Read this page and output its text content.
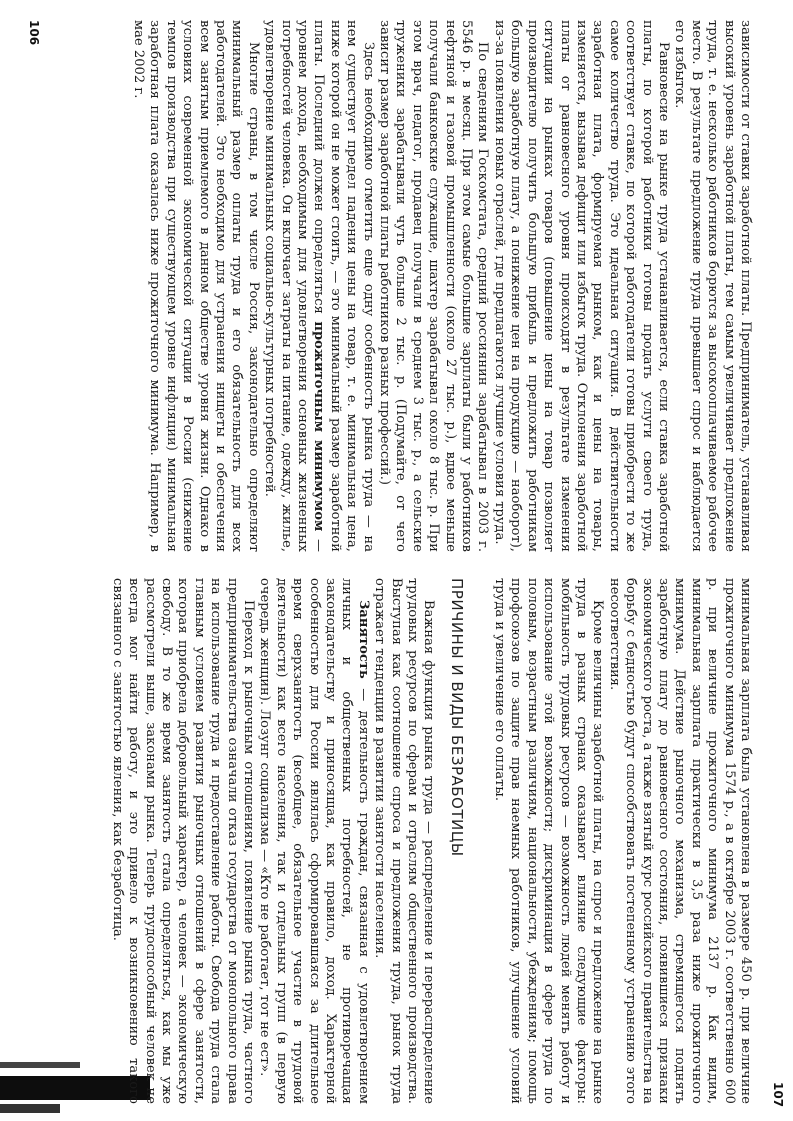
зависимости от ставки заработной платы. Предприниматель, устанавливая высокий уровень заработной платы, тем самым увеличивает предложение труда, т. е. несколько работников борются за высокооплачиваемое рабочее место. В результате предложение труда превышает спрос и наблюдается его избыток.

Равновесие на рынке труда устанавливается, если ставка заработной платы, по которой работники готовы продать услуги своего труда, соответствует ставке, по которой работодатели готовы приобрести то же самое количество труда. Это идеальная ситуация. В действительности заработная плата, формируемая рынком, как и цены на товары, изменяется, вызывая дефицит или избыток труда. Отклонения заработной платы от равновесного уровня происходят в результате изменения ситуации на рынках товаров (повышение цены на товар позволяет производителю получить большую прибыль и предложить работникам большую заработную плату, а понижение цен на продукцию — наоборот), из-за появления новых отраслей, где предлагаются лучшие условия труда.

По сведениям Госкомстата, средний россиянин зарабатывал в 2003 г. 5546 р. в месяц. При этом самые большие зарплаты были у работников нефтяной и газовой промышленности (около 27 тыс. р.), вдвое меньше получали банковские служащие, шахтер зарабатывал около 8 тыс. р. При этом врач, педагог, продавец получали в среднем 3 тыс. р., а сельские труженики зарабатывали чуть больше 2 тыс. р. (Подумайте, от чего зависит размер заработной платы работников разных профессий.)

Здесь необходимо отметить еще одну особенность рынка труда — на нем существует предел падения цены на товар, т. е. минимальная цена, ниже которой он не может стоить, — это минимальный размер заработной платы. Последний должен определяться прожиточным минимумом — уровнем дохода, необходимым для удовлетворения основных жизненных потребностей человека. Он включает затраты на питание, одежду, жилье, удовлетворение минимальных социально-культурных потребностей.

Многие страны, в том числе Россия, законодательно определяют минимальный размер оплаты труда и его обязательность для всех работодателей. Это необходимо для устранения нищеты и обеспечения всем занятым приемлемого в данном обществе уровня жизни. Однако в условиях современной экономической ситуации в России (снижение темпов производства при существующем уровне инфляции) минимальная заработная плата оказалась ниже прожиточного минимума. Например, в мае 2002 г.

106

минимальная зарплата была установлена в размере 450 р. при величине прожиточного минимума 1574 р., а в октябре 2003 г. соответственно 600 р. при величине прожиточного минимума 2137 р. Как видим, минимальная зарплата практически в 3,5 раза ниже прожиточного минимума. Действие рыночного механизма, стремящегося поднять заработную плату до равновесного состояния, появившиеся признаки экономического роста, а также взятый курс российского правительства на борьбу с бедностью будут способствовать постепенному устранению этого несоответствия.

Кроме величины заработной платы, на спрос и предложение на рынке труда в разных странах оказывают влияние следующие факторы: мобильность трудовых ресурсов — возможность людей менять работу и использование этой возможности; дискриминация в сфере труда по половым, возрастным различиям, национальности, убеждениям; помощь профсоюзов по защите прав наемных работников, улучшение условий труда и увеличение его оплаты.

ПРИЧИНЫ И ВИДЫ БЕЗРАБОТИЦЫ

Важная функция рынка труда — распределение и перераспределение трудовых ресурсов по сферам и отраслям общественного производства. Выступая как соотношение спроса и предложения труда, рынок труда отражает тенденции в развитии занятости населения.

Занятость — деятельность граждан, связанная с удовлетворением личных и общественных потребностей, не противоречащая законодательству и приносящая, как правило, доход. Характерной особенностью для России являлась сформировавшаяся за длительное время сверхзанятость (всеобщее, обязательное участие в трудовой деятельности) как всего населения, так и отдельных групп (в первую очередь женщин). Лозунг социализма — «Кто не работает, тот не ест».

Переход к рыночным отношениям, появление рынка труда, частного предпринимательства означали отказ государства от монопольного права на использование труда и предоставление работы. Свобода труда стала главным условием развития рыночных отношений в сфере занятости, которая приобрела добровольный характер, а человек — экономическую свободу. В то же время занятость стала определяться, как мы уже рассмотрели выше, законами рынка. Теперь трудоспособный человек не всегда мог найти работу, и это привело к возникновению такого связанного с занятостью явления, как безработица.

107
